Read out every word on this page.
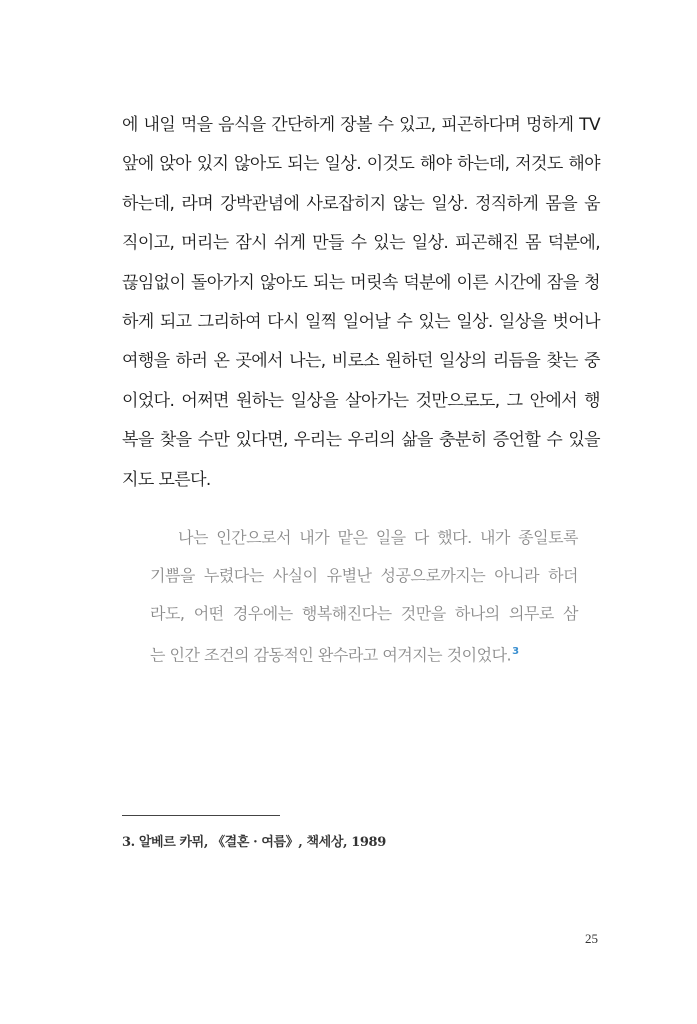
에 내일 먹을 음식을 간단하게 장볼 수 있고, 피곤하다며 멍하게 TV
앞에 앉아 있지 않아도 되는 일상. 이것도 해야 하는데, 저것도 해야
하는데, 라며 강박관념에 사로잡히지 않는 일상. 정직하게 몸을 움
직이고, 머리는 잠시 쉬게 만들 수 있는 일상. 피곤해진 몸 덕분에,
끊임없이 돌아가지 않아도 되는 머릿속 덕분에 이른 시간에 잠을 청
하게 되고 그리하여 다시 일찍 일어날 수 있는 일상. 일상을 벗어나
여행을 하러 온 곳에서 나는, 비로소 원하던 일상의 리듬을 찾는 중
이었다. 어쩌면 원하는 일상을 살아가는 것만으로도, 그 안에서 행
복을 찾을 수만 있다면, 우리는 우리의 삶을 충분히 증언할 수 있을
지도 모른다.
나는 인간으로서 내가 맡은 일을 다 했다. 내가 종일토록
기쁨을 누렸다는 사실이 유별난 성공으로까지는 아니라 하더
라도, 어떤 경우에는 행복해진다는 것만을 하나의 의무로 삼
는 인간 조건의 감동적인 완수라고 여겨지는 것이었다.$^3$
3. 알베르 카뮈, 《결혼 · 여름》, 책세상, 1989
25
